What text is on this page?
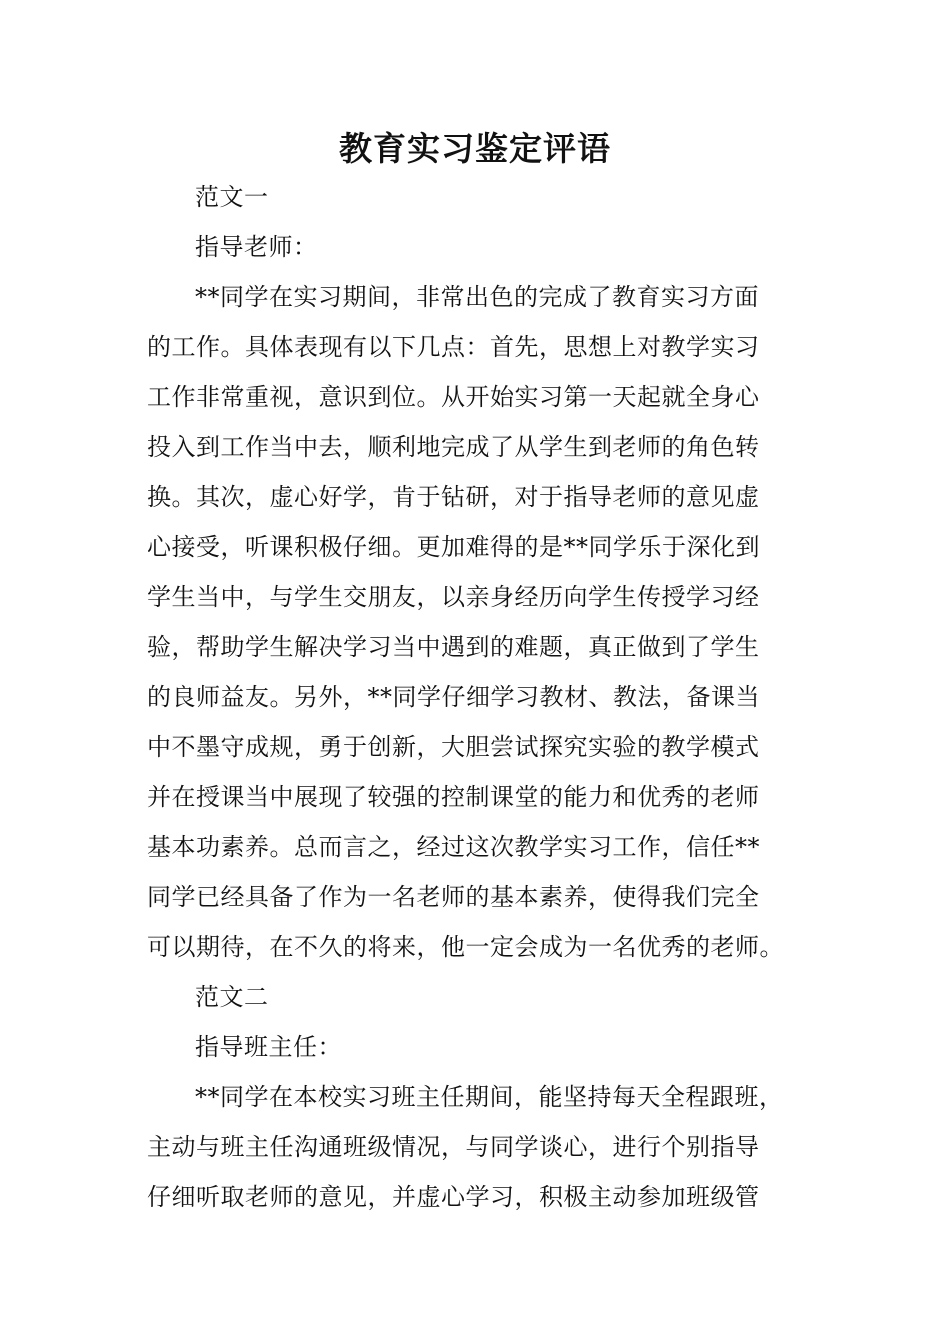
教育实习鉴定评语

范文一

指导老师：

**同学在实习期间，非常出色的完成了教育实习方面
的工作。具体表现有以下几点：首先，思想上对教学实习
工作非常重视，意识到位。从开始实习第一天起就全身心
投入到工作当中去，顺利地完成了从学生到老师的角色转
换。其次，虚心好学，肯于钻研，对于指导老师的意见虚
心接受，听课积极仔细。更加难得的是**同学乐于深化到
学生当中，与学生交朋友，以亲身经历向学生传授学习经
验，帮助学生解决学习当中遇到的难题，真正做到了学生
的良师益友。另外，**同学仔细学习教材、教法，备课当
中不墨守成规，勇于创新，大胆尝试探究实验的教学模式
并在授课当中展现了较强的控制课堂的能力和优秀的老师
基本功素养。总而言之，经过这次教学实习工作，信任**
同学已经具备了作为一名老师的基本素养，使得我们完全
可以期待，在不久的将来，他一定会成为一名优秀的老师。

范文二

指导班主任：

**同学在本校实习班主任期间，能坚持每天全程跟班，
主动与班主任沟通班级情况，与同学谈心，进行个别指导
仔细听取老师的意见，并虚心学习，积极主动参加班级管
